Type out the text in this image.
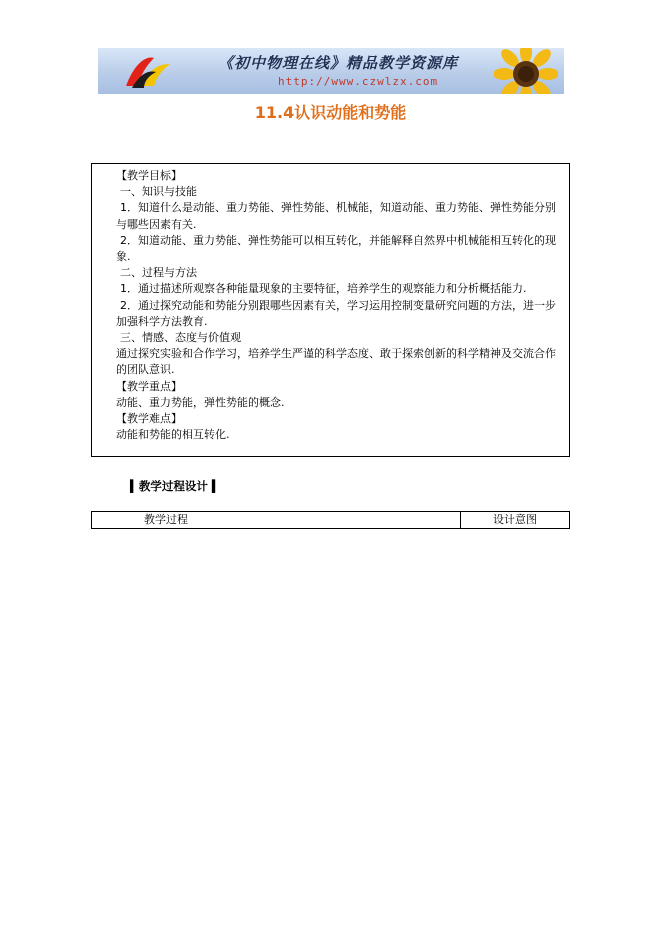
《初中物理在线》精品教学资源库
http://www.czwlzx.com
11.4认识动能和势能

【教学目标】

一、知识与技能

1．知道什么是动能、重力势能、弹性势能、机械能，知道动能、重力势能、弹性势能分别与哪些因素有关.

2．知道动能、重力势能、弹性势能可以相互转化，并能解释自然界中机械能相互转化的现象.

二、过程与方法

1．通过描述所观察各种能量现象的主要特征，培养学生的观察能力和分析概括能力.

2．通过探究动能和势能分别跟哪些因素有关，学习运用控制变量研究问题的方法，进一步加强科学方法教育.

三、情感、态度与价值观

通过探究实验和合作学习，培养学生严谨的科学态度、敢于探索创新的科学精神及交流合作的团队意识.

【教学重点】

动能、重力势能，弹性势能的概念.

【教学难点】

动能和势能的相互转化.

▍教学过程设计 ▍
教学过程	设计意图
